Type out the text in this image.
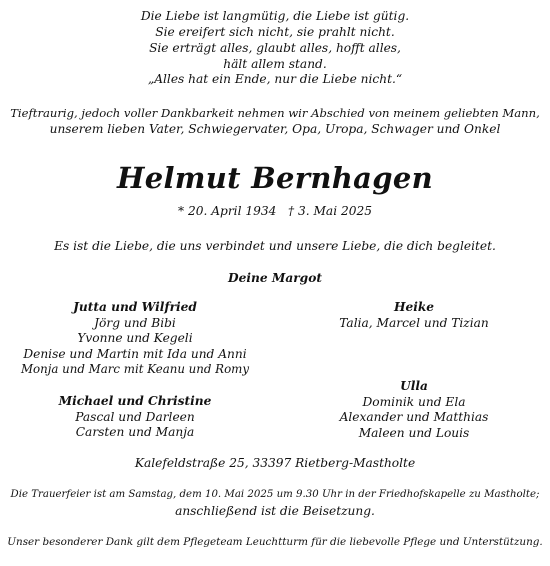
Die Liebe ist langmütig, die Liebe ist gütig.
Sie ereifert sich nicht, sie prahlt nicht.
Sie erträgt alles, glaubt alles, hofft alles,
hält allem stand.
„Alles hat ein Ende, nur die Liebe nicht.“
Tieftraurig, jedoch voller Dankbarkeit nehmen wir Abschied von meinem geliebten Mann,
unserem lieben Vater, Schwiegervater, Opa, Uropa, Schwager und Onkel
Helmut Bernhagen
* 20. April 1934   † 3. Mai 2025
Es ist die Liebe, die uns verbindet und unsere Liebe, die dich begleitet.
Deine Margot
Jutta und Wilfried
Jörg und Bibi
Yvonne und Kegeli
Denise und Martin mit Ida und Anni
Monja und Marc mit Keanu und Romy
Michael und Christine
Pascal und Darleen
Carsten und Manja
Heike
Talia, Marcel und Tizian
Ulla
Dominik und Ela
Alexander und Matthias
Maleen und Louis
Kalefeldstraße 25, 33397 Rietberg-Mastholte
Die Trauerfeier ist am Samstag, dem 10. Mai 2025 um 9.30 Uhr in der Friedhofskapelle zu Mastholte;
anschließend ist die Beisetzung.
Unser besonderer Dank gilt dem Pflegeteam Leuchtturm für die liebevolle Pflege und Unterstützung.
